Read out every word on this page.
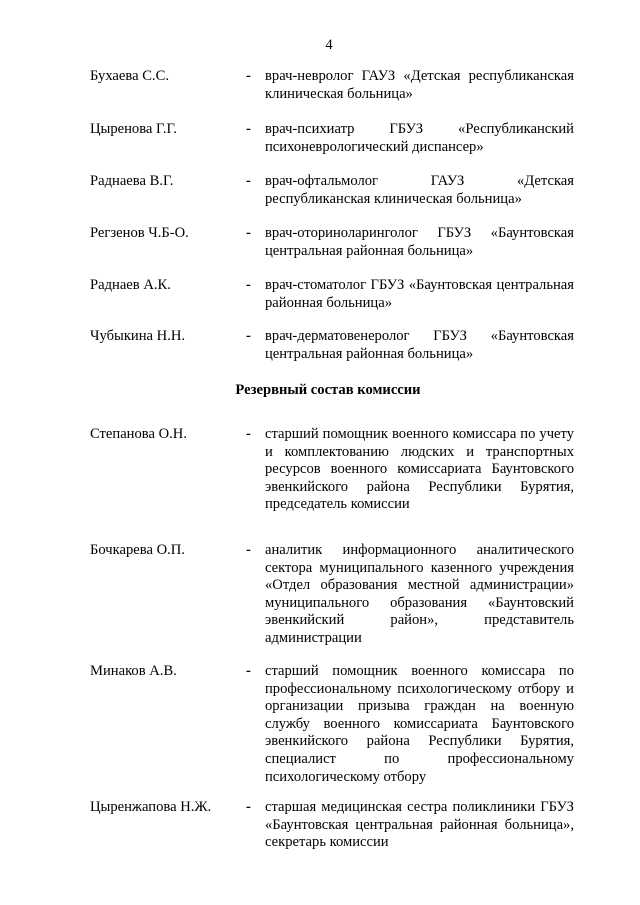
4
Бухаева С.С.	- врач-невролог ГАУЗ «Детская республиканская клиническая больница»
Цыренова Г.Г.	- врач-психиатр ГБУЗ «Республиканский психоневрологический диспансер»
Раднаева В.Г.	- врач-офтальмолог ГАУЗ «Детская республиканская клиническая больница»
Регзенов Ч.Б-О.	- врач-оториноларинголог ГБУЗ «Баунтовская центральная районная больница»
Раднаев А.К.	- врач-стоматолог ГБУЗ «Баунтовская центральная районная больница»
Чубыкина Н.Н.	- врач-дерматовенеролог ГБУЗ «Баунтовская центральная районная больница»
Резервный состав комиссии
Степанова О.Н.	- старший помощник военного комиссара по учету и комплектованию людских и транспортных ресурсов военного комиссариата Баунтовского эвенкийского района Республики Бурятия, председатель комиссии
Бочкарева О.П.	- аналитик информационного аналитического сектора муниципального казенного учреждения «Отдел образования местной администрации» муниципального образования «Баунтовский эвенкийский район», представитель администрации
Минаков А.В.	- старший помощник военного комиссара по профессиональному психологическому отбору и организации призыва граждан на военную службу военного комиссариата Баунтовского эвенкийского района Республики Бурятия, специалист по профессиональному психологическому отбору
Цыренжапова Н.Ж. - старшая медицинская сестра поликлиники ГБУЗ «Баунтовская центральная районная больница», секретарь комиссии
